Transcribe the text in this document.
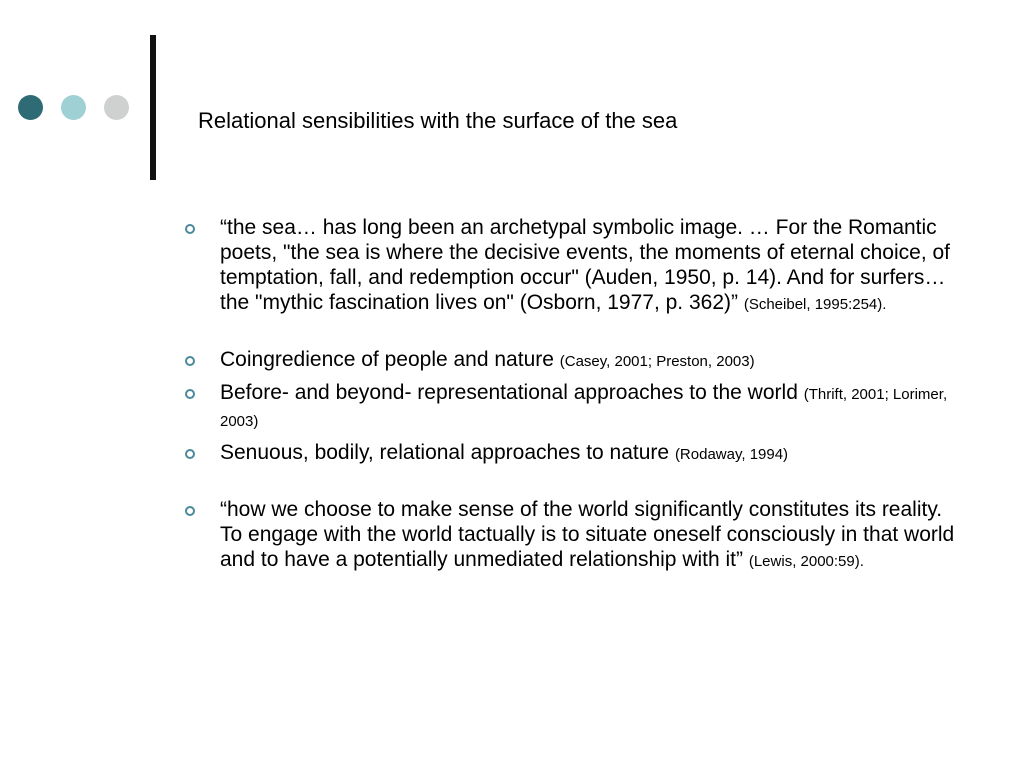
Relational sensibilities with the surface of the sea
“the sea… has long been an archetypal symbolic image. … For the Romantic poets, "the sea is where the decisive events, the moments of eternal choice, of temptation, fall, and redemption occur" (Auden, 1950, p. 14). And for surfers… the "mythic fascination lives on" (Osborn, 1977, p. 362)” (Scheibel, 1995:254).
Coingredience of people and nature (Casey, 2001; Preston, 2003)
Before- and beyond- representational approaches to the world (Thrift, 2001; Lorimer, 2003)
Senuous, bodily, relational approaches to nature (Rodaway, 1994)
“how we choose to make sense of the world significantly constitutes its reality. To engage with the world tactually is to situate oneself consciously in that world and to have a potentially unmediated relationship with it” (Lewis, 2000:59).
